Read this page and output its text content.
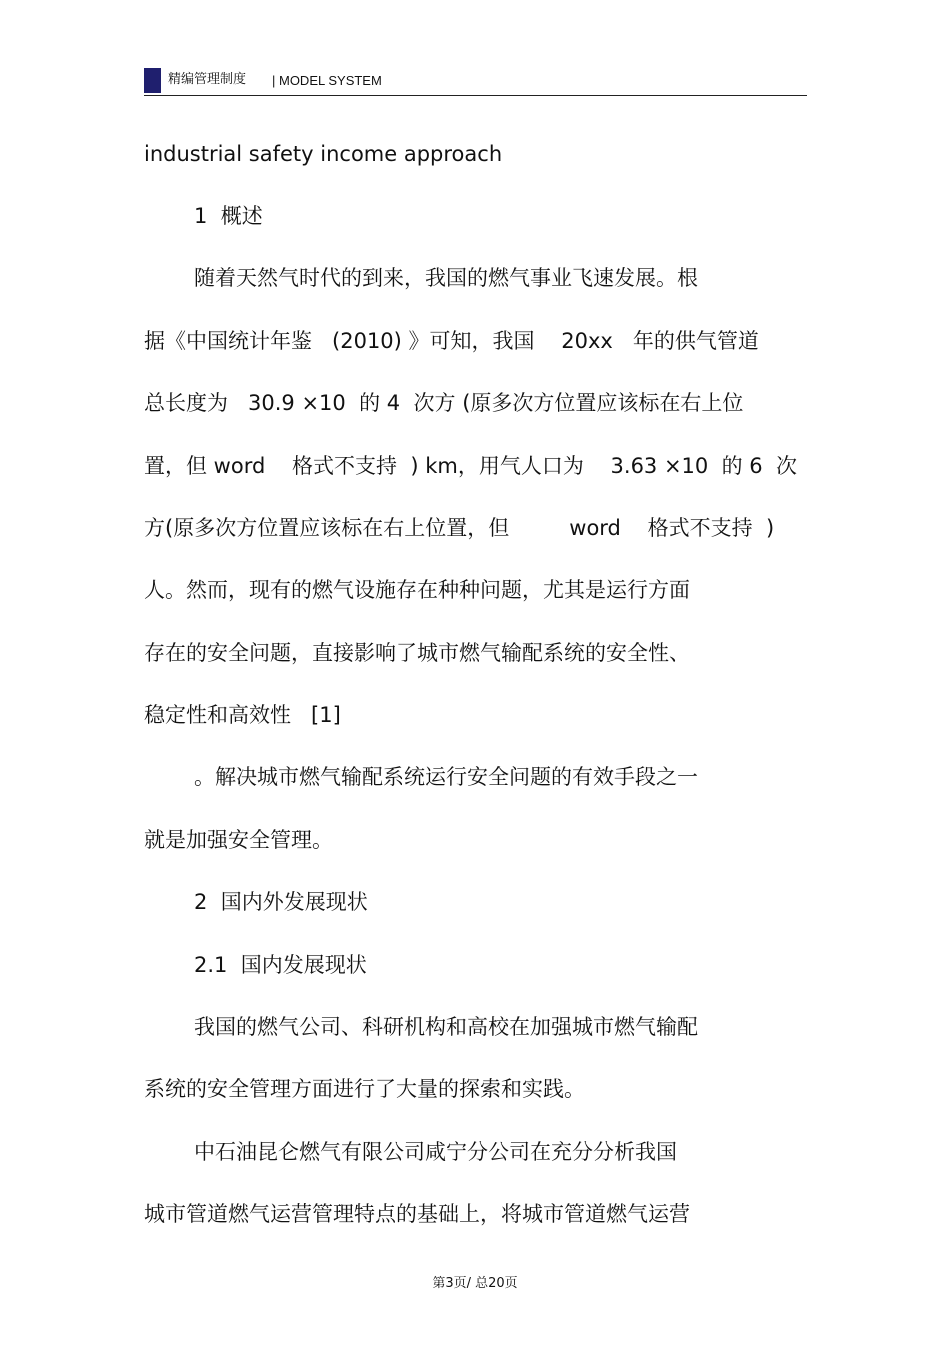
精编管理制度 | MODEL SYSTEM
industrial safety income approach
1  概述
随着天然气时代的到来，我国的燃气事业飞速发展。根
据《中国统计年鉴   (2010) 》可知，我国    20xx   年的供气管道
总长度为   30.9 ×10  的 4  次方 (原多次方位置应该标在右上位
置，但 word    格式不支持  ) km，用气人口为    3.63 ×10  的 6  次
方(原多次方位置应该标在右上位置，但         word    格式不支持  )
人。然而，现有的燃气设施存在种种问题，尤其是运行方面
存在的安全问题，直接影响了城市燃气输配系统的安全性、
稳定性和高效性   [1]
。解决城市燃气输配系统运行安全问题的有效手段之一
就是加强安全管理。
2  国内外发展现状
2.1  国内发展现状
我国的燃气公司、科研机构和高校在加强城市燃气输配
系统的安全管理方面进行了大量的探索和实践。
中石油昆仑燃气有限公司咸宁分公司在充分分析我国
城市管道燃气运营管理特点的基础上，将城市管道燃气运营
第3页/ 总20页
